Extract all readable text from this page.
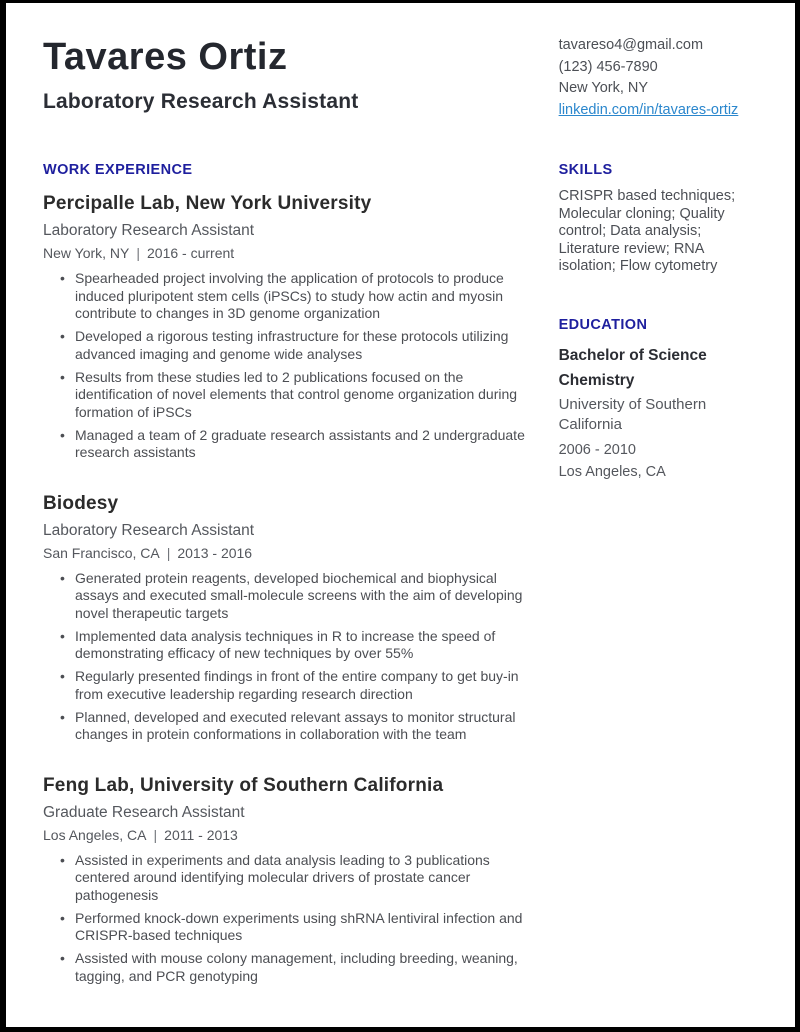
Tavares Ortiz
Laboratory Research Assistant
tavareso4@gmail.com
(123) 456-7890
New York, NY
linkedin.com/in/tavares-ortiz
WORK EXPERIENCE
Percipalle Lab, New York University
Laboratory Research Assistant
New York, NY | 2016 - current
• Spearheaded project involving the application of protocols to produce induced pluripotent stem cells (iPSCs) to study how actin and myosin contribute to changes in 3D genome organization
• Developed a rigorous testing infrastructure for these protocols utilizing advanced imaging and genome wide analyses
• Results from these studies led to 2 publications focused on the identification of novel elements that control genome organization during formation of iPSCs
• Managed a team of 2 graduate research assistants and 2 undergraduate research assistants
Biodesy
Laboratory Research Assistant
San Francisco, CA | 2013 - 2016
• Generated protein reagents, developed biochemical and biophysical assays and executed small-molecule screens with the aim of developing novel therapeutic targets
• Implemented data analysis techniques in R to increase the speed of demonstrating efficacy of new techniques by over 55%
• Regularly presented findings in front of the entire company to get buy-in from executive leadership regarding research direction
• Planned, developed and executed relevant assays to monitor structural changes in protein conformations in collaboration with the team
Feng Lab, University of Southern California
Graduate Research Assistant
Los Angeles, CA | 2011 - 2013
• Assisted in experiments and data analysis leading to 3 publications centered around identifying molecular drivers of prostate cancer pathogenesis
• Performed knock-down experiments using shRNA lentiviral infection and CRISPR-based techniques
• Assisted with mouse colony management, including breeding, weaning, tagging, and PCR genotyping
SKILLS
CRISPR based techniques; Molecular cloning; Quality control; Data analysis; Literature review; RNA isolation; Flow cytometry
EDUCATION
Bachelor of Science
Chemistry
University of Southern California
2006 - 2010
Los Angeles, CA
